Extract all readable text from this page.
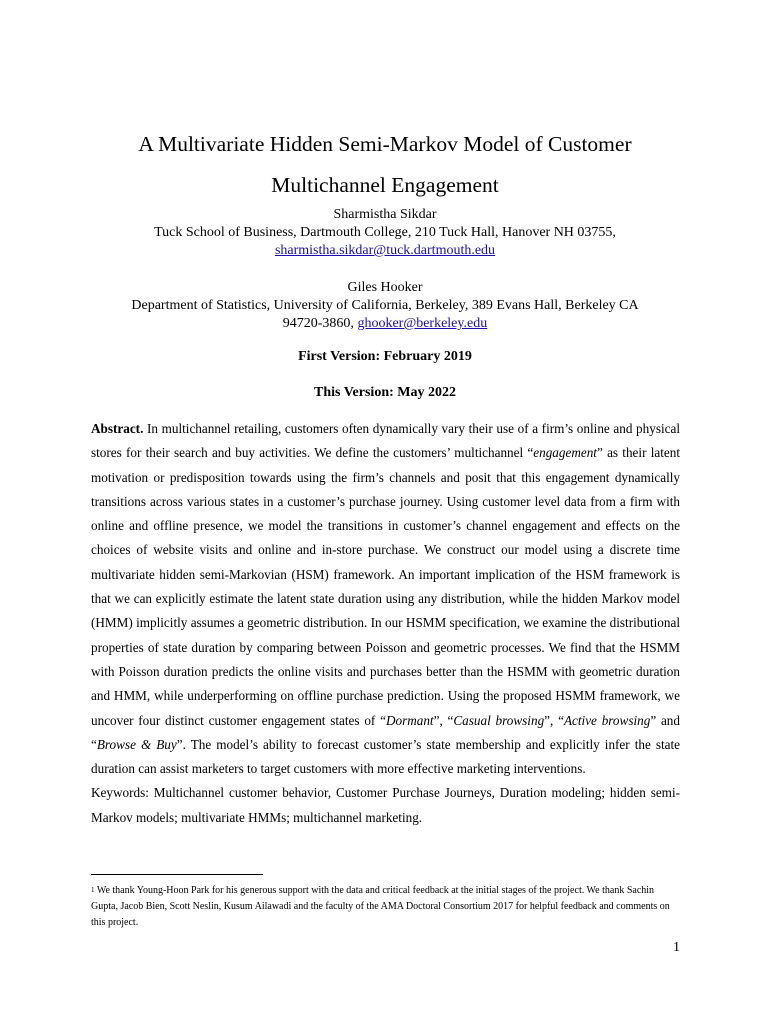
A Multivariate Hidden Semi-Markov Model of Customer
Multichannel Engagement
Sharmistha Sikdar
Tuck School of Business, Dartmouth College, 210 Tuck Hall, Hanover NH 03755,
sharmistha.sikdar@tuck.dartmouth.edu
Giles Hooker
Department of Statistics, University of California, Berkeley, 389 Evans Hall, Berkeley CA
94720-3860, ghooker@berkeley.edu
First Version: February 2019
This Version: May 2022

Abstract. In multichannel retailing, customers often dynamically vary their use of a firm’s online and physical stores for their search and buy activities. We define the customers’ multichannel “engagement” as their latent motivation or predisposition towards using the firm’s channels and posit that this engagement dynamically transitions across various states in a customer’s purchase journey. Using customer level data from a firm with online and offline presence, we model the transitions in customer’s channel engagement and effects on the choices of website visits and online and in-store purchase. We construct our model using a discrete time multivariate hidden semi-Markovian (HSM) framework. An important implication of the HSM framework is that we can explicitly estimate the latent state duration using any distribution, while the hidden Markov model (HMM) implicitly assumes a geometric distribution. In our HSMM specification, we examine the distributional properties of state duration by comparing between Poisson and geometric processes. We find that the HSMM with Poisson duration predicts the online visits and purchases better than the HSMM with geometric duration and HMM, while underperforming on offline purchase prediction. Using the proposed HSMM framework, we uncover four distinct customer engagement states of “Dormant”, “Casual browsing”, “Active browsing” and “Browse & Buy”. The model’s ability to forecast customer’s state membership and explicitly infer the state duration can assist marketers to target customers with more effective marketing interventions.

Keywords: Multichannel customer behavior, Customer Purchase Journeys, Duration modeling; hidden semi-Markov models; multivariate HMMs; multichannel marketing.

$^1$ We thank Young-Hoon Park for his generous support with the data and critical feedback at the initial stages of the project. We thank Sachin Gupta, Jacob Bien, Scott Neslin, Kusum Ailawadi and the faculty of the AMA Doctoral Consortium 2017 for helpful feedback and comments on this project.
1
